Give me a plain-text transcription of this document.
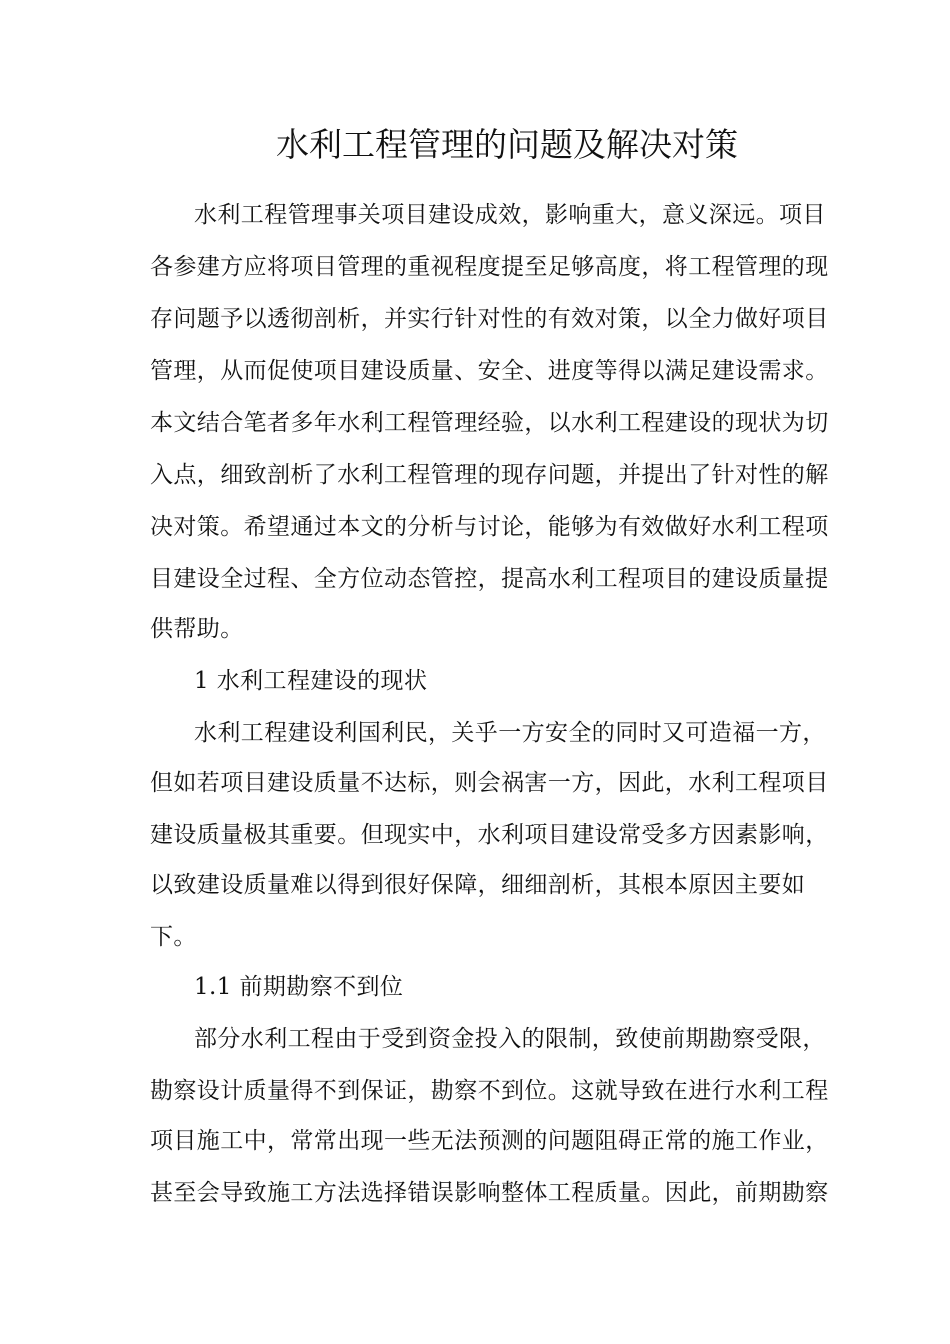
水利工程管理的问题及解决对策
水利工程管理事关项目建设成效，影响重大，意义深远。项目
各参建方应将项目管理的重视程度提至足够高度，将工程管理的现
存问题予以透彻剖析，并实行针对性的有效对策，以全力做好项目
管理，从而促使项目建设质量、安全、进度等得以满足建设需求。
本文结合笔者多年水利工程管理经验，以水利工程建设的现状为切
入点，细致剖析了水利工程管理的现存问题，并提出了针对性的解
决对策。希望通过本文的分析与讨论，能够为有效做好水利工程项
目建设全过程、全方位动态管控，提高水利工程项目的建设质量提
供帮助。
1 水利工程建设的现状
水利工程建设利国利民，关乎一方安全的同时又可造福一方，
但如若项目建设质量不达标，则会祸害一方，因此，水利工程项目
建设质量极其重要。但现实中，水利项目建设常受多方因素影响，
以致建设质量难以得到很好保障，细细剖析，其根本原因主要如
下。
1.1 前期勘察不到位
部分水利工程由于受到资金投入的限制，致使前期勘察受限，
勘察设计质量得不到保证，勘察不到位。这就导致在进行水利工程
项目施工中，常常出现一些无法预测的问题阻碍正常的施工作业，
甚至会导致施工方法选择错误影响整体工程质量。因此，前期勘察
